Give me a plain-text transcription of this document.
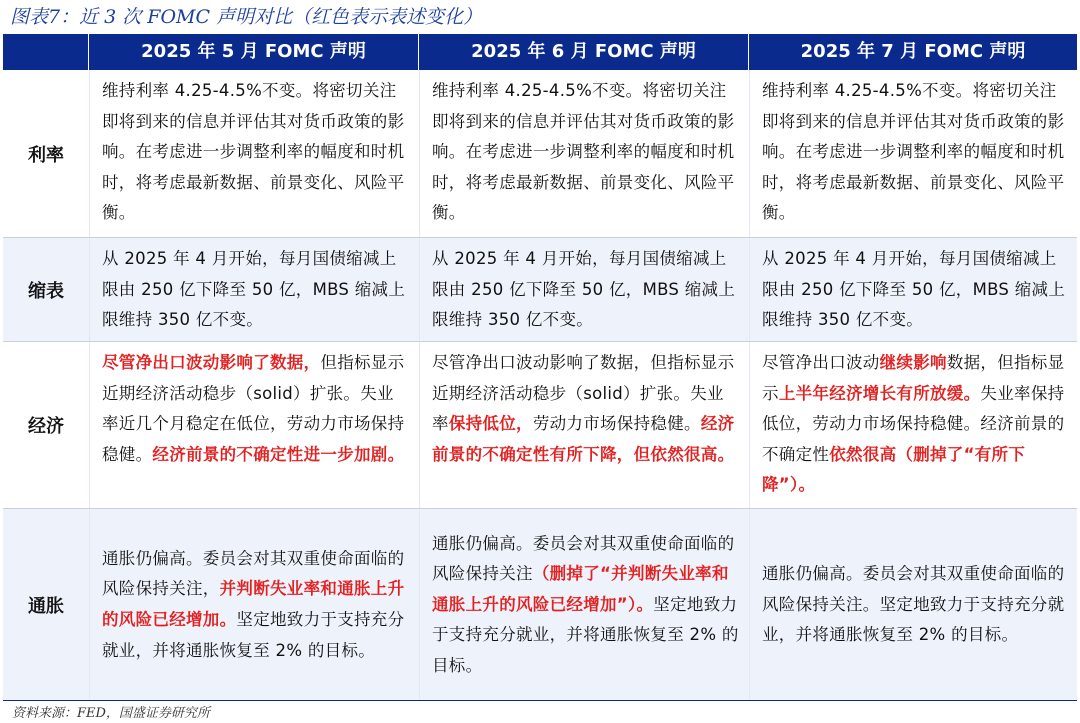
图表7：近 3 次 FOMC 声明对比（红色表示表述变化）
2025 年 5 月 FOMC 声明	2025 年 6 月 FOMC 声明	2025 年 7 月 FOMC 声明
利率
维持利率 4.25-4.5%不变。将密切关注即将到来的信息并评估其对货币政策的影响。在考虑进一步调整利率的幅度和时机时，将考虑最新数据、前景变化、风险平衡。
维持利率 4.25-4.5%不变。将密切关注即将到来的信息并评估其对货币政策的影响。在考虑进一步调整利率的幅度和时机时，将考虑最新数据、前景变化、风险平衡。
维持利率 4.25-4.5%不变。将密切关注即将到来的信息并评估其对货币政策的影响。在考虑进一步调整利率的幅度和时机时，将考虑最新数据、前景变化、风险平衡。
缩表
从 2025 年 4 月开始，每月国债缩减上限由 250 亿下降至 50 亿，MBS 缩减上限维持 350 亿不变。
从 2025 年 4 月开始，每月国债缩减上限由 250 亿下降至 50 亿，MBS 缩减上限维持 350 亿不变。
从 2025 年 4 月开始，每月国债缩减上限由 250 亿下降至 50 亿，MBS 缩减上限维持 350 亿不变。
经济
尽管净出口波动影响了数据，但指标显示近期经济活动稳步（solid）扩张。失业率近几个月稳定在低位，劳动力市场保持稳健。经济前景的不确定性进一步加剧。
尽管净出口波动影响了数据，但指标显示近期经济活动稳步（solid）扩张。失业率保持低位，劳动力市场保持稳健。经济前景的不确定性有所下降，但依然很高。
尽管净出口波动继续影响数据，但指标显示上半年经济增长有所放缓。失业率保持低位，劳动力市场保持稳健。经济前景的不确定性依然很高（删掉了“有所下降”）。
通胀
通胀仍偏高。委员会对其双重使命面临的风险保持关注，并判断失业率和通胀上升的风险已经增加。坚定地致力于支持充分就业，并将通胀恢复至 2% 的目标。
通胀仍偏高。委员会对其双重使命面临的风险保持关注（删掉了“并判断失业率和通胀上升的风险已经增加”）。坚定地致力于支持充分就业，并将通胀恢复至 2% 的目标。
通胀仍偏高。委员会对其双重使命面临的风险保持关注。坚定地致力于支持充分就业，并将通胀恢复至 2% 的目标。
资料来源：FED，国盛证券研究所
